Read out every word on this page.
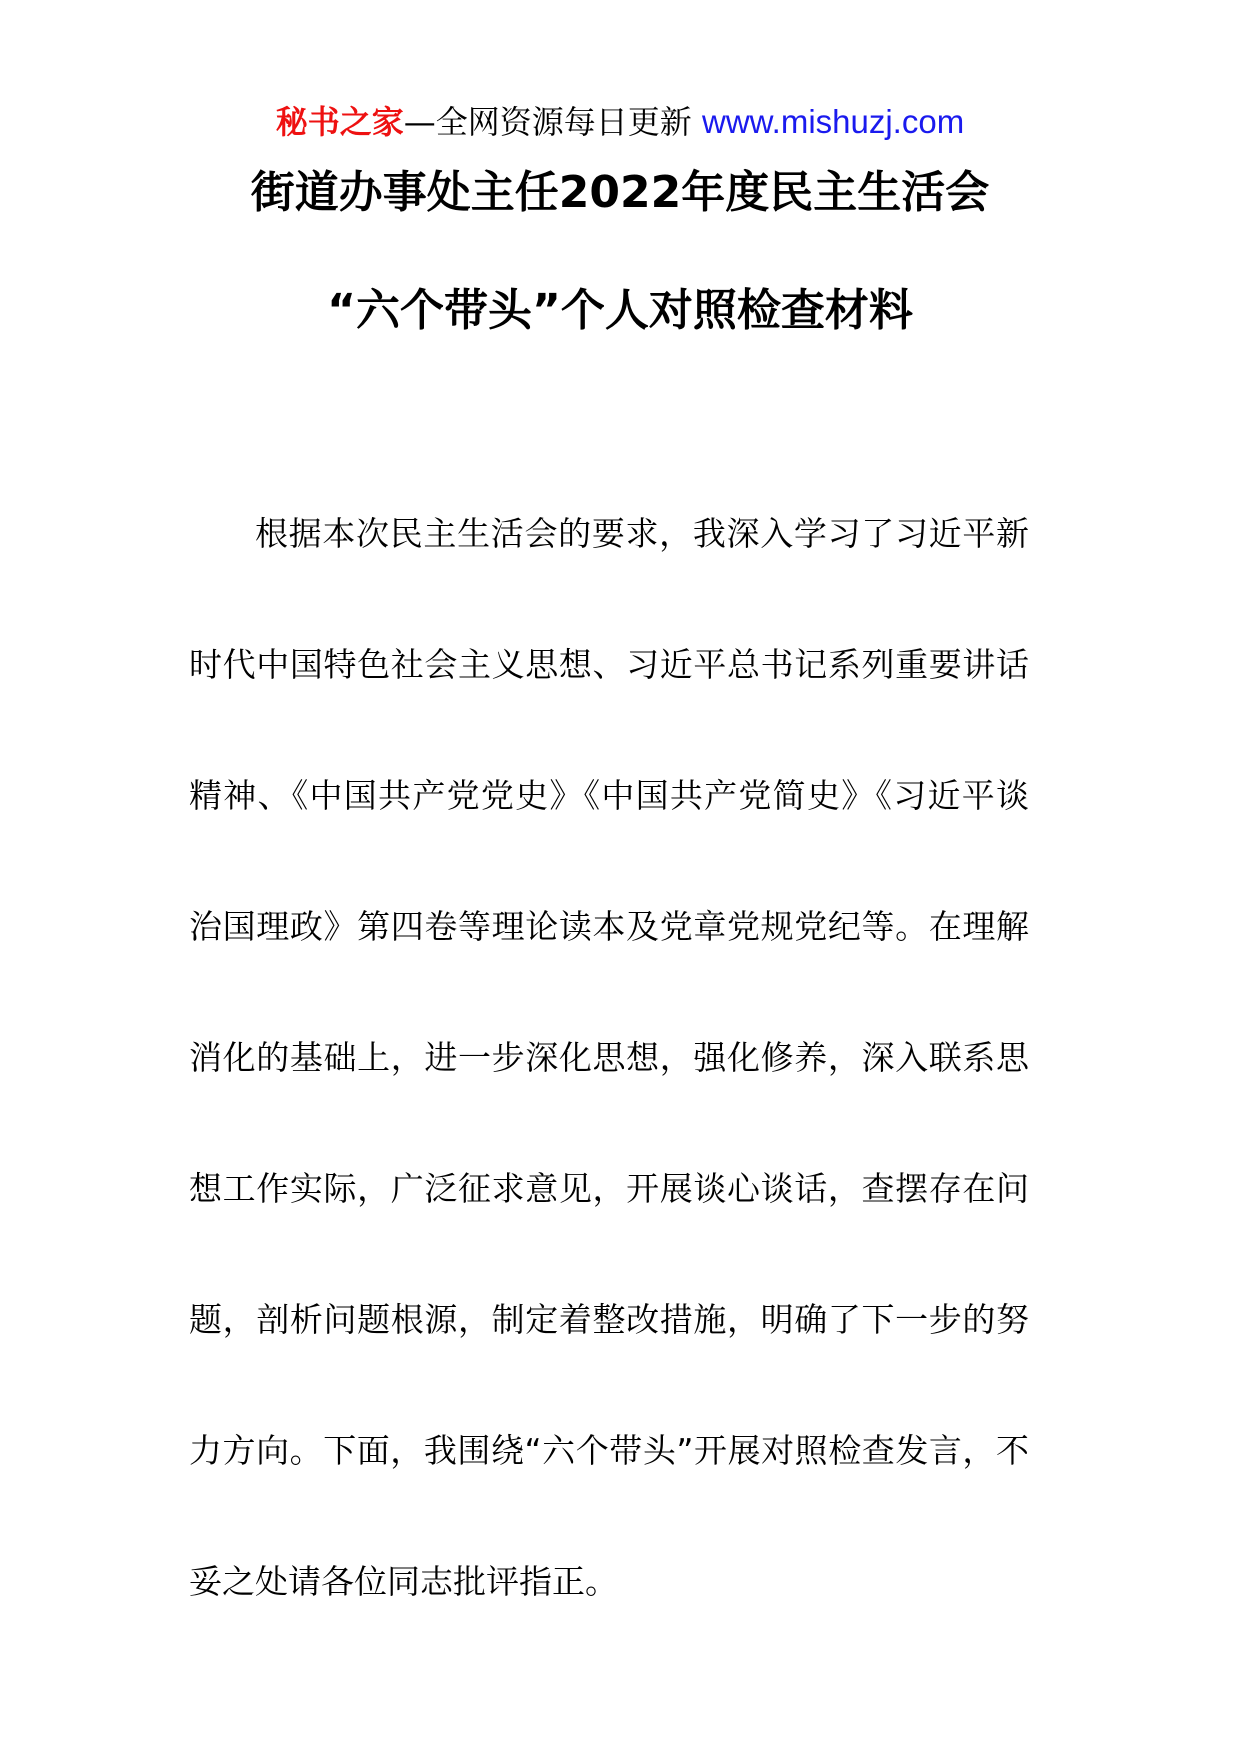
秘书之家—全网资源每日更新 www.mishuzj.com
街道办事处主任2022年度民主生活会
“六个带头”个人对照检查材料

根据本次民主生活会的要求，我深入学习了习近平新时代中国特色社会主义思想、习近平总书记系列重要讲话精神、《中国共产党党史》《中国共产党简史》《习近平谈治国理政》第四卷等理论读本及党章党规党纪等。在理解消化的基础上，进一步深化思想，强化修养，深入联系思想工作实际，广泛征求意见，开展谈心谈话，查摆存在问题，剖析问题根源，制定着整改措施，明确了下一步的努力方向。下面，我围绕“六个带头”开展对照检查发言，不妥之处请各位同志批评指正。
